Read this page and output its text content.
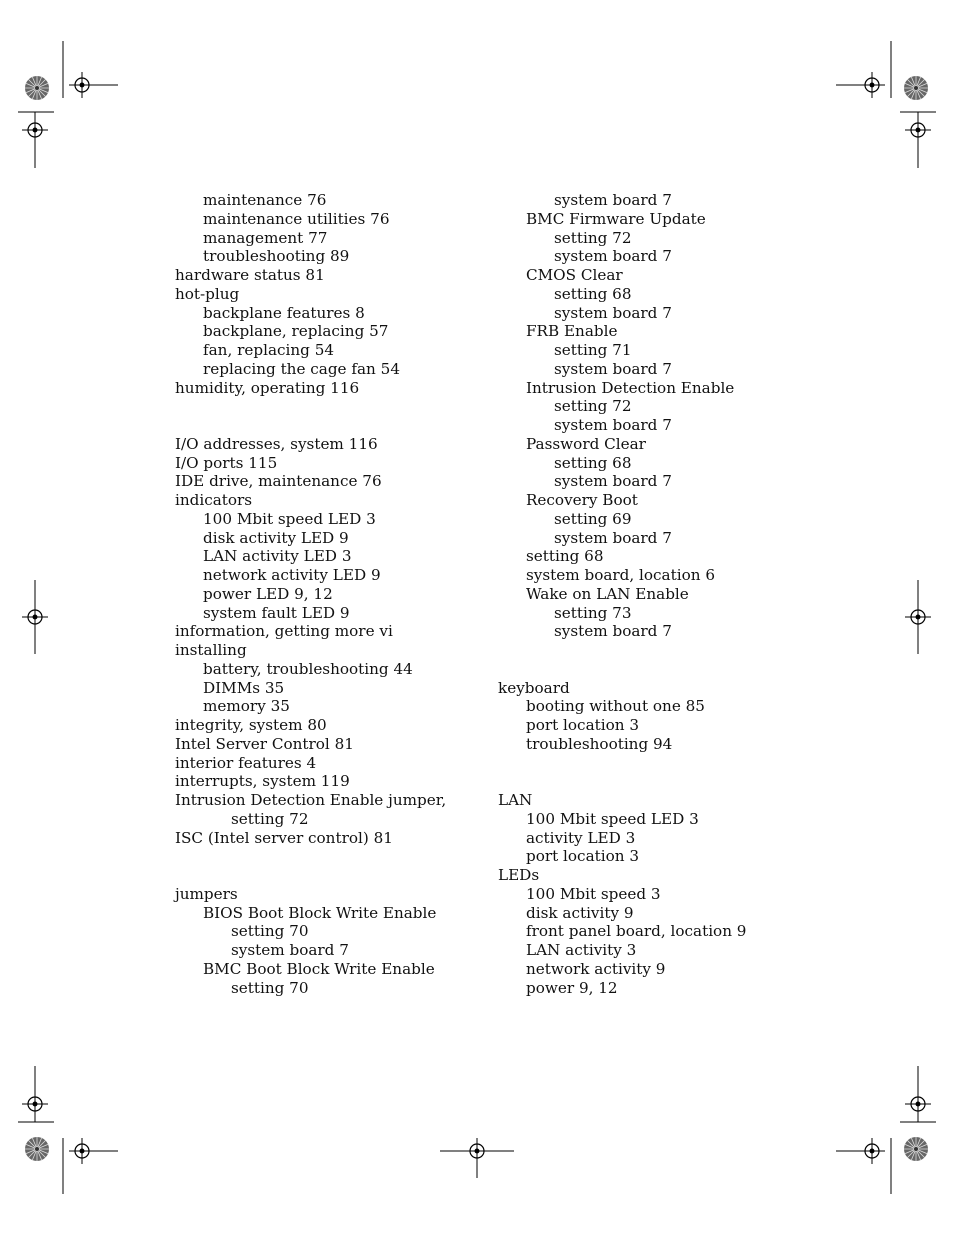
maintenance 76
maintenance utilities 76
management 77
troubleshooting 89
hardware status 81
hot-plug
backplane features 8
backplane, replacing 57
fan, replacing 54
replacing the cage fan 54
humidity, operating 116
I/O addresses, system 116
I/O ports 115
IDE drive, maintenance 76
indicators
100 Mbit speed LED 3
disk activity LED 9
LAN activity LED 3
network activity LED 9
power LED 9, 12
system fault LED 9
information, getting more vi
installing
battery, troubleshooting 44
DIMMs 35
memory 35
integrity, system 80
Intel Server Control 81
interior features 4
interrupts, system 119
Intrusion Detection Enable jumper,
setting 72
ISC (Intel server control) 81
jumpers
BIOS Boot Block Write Enable
setting 70
system board 7
BMC Boot Block Write Enable
setting 70
system board 7
BMC Firmware Update
setting 72
system board 7
CMOS Clear
setting 68
system board 7
FRB Enable
setting 71
system board 7
Intrusion Detection Enable
setting 72
system board 7
Password Clear
setting 68
system board 7
Recovery Boot
setting 69
system board 7
setting 68
system board, location 6
Wake on LAN Enable
setting 73
system board 7
keyboard
booting without one 85
port location 3
troubleshooting 94
LAN
100 Mbit speed LED 3
activity LED 3
port location 3
LEDs
100 Mbit speed 3
disk activity 9
front panel board, location 9
LAN activity 3
network activity 9
power 9, 12
